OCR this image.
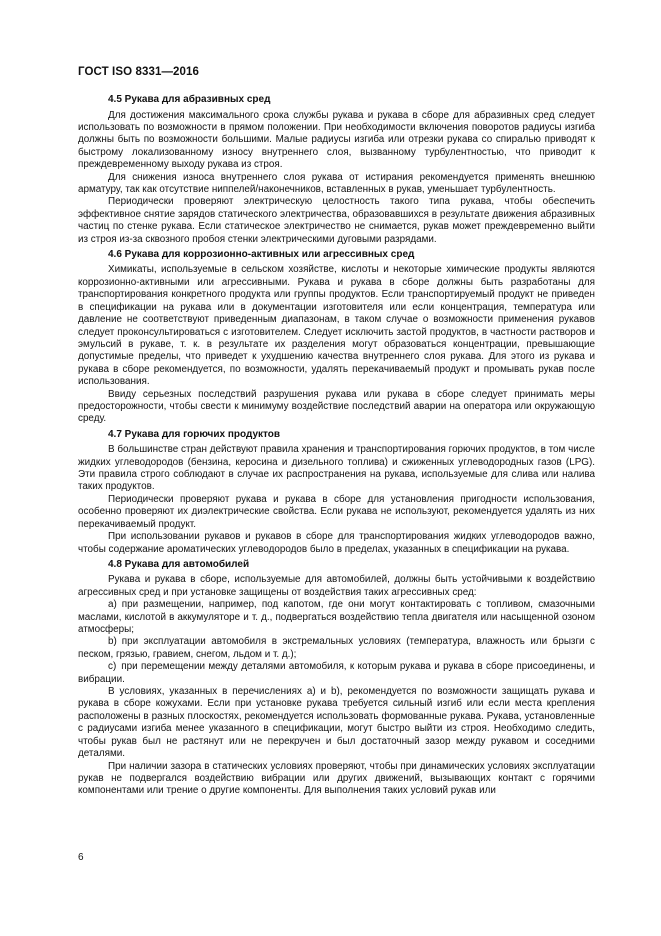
ГОСТ ISO 8331—2016
4.5 Рукава для абразивных сред

Для достижения максимального срока службы рукава и рукава в сборе для абразивных сред следует использовать по возможности в прямом положении. При необходимости включения поворотов радиусы изгиба должны быть по возможности большими. Малые радиусы изгиба или отрезки рукава со спиралью приводят к быстрому локализованному износу внутреннего слоя, вызванному турбулентностью, что приводит к преждевременному выходу рукава из строя.

Для снижения износа внутреннего слоя рукава от истирания рекомендуется применять внешнюю арматуру, так как отсутствие ниппелей/наконечников, вставленных в рукав, уменьшает турбулентность.

Периодически проверяют электрическую целостность такого типа рукава, чтобы обеспечить эффективное снятие зарядов статического электричества, образовавшихся в результате движения абразивных частиц по стенке рукава. Если статическое электричество не снимается, рукав может преждевременно выйти из строя из-за сквозного пробоя стенки электрическими дуговыми разрядами.

4.6 Рукава для коррозионно-активных или агрессивных сред

Химикаты, используемые в сельском хозяйстве, кислоты и некоторые химические продукты являются коррозионно-активными или агрессивными. Рукава и рукава в сборе должны быть разработаны для транспортирования конкретного продукта или группы продуктов. Если транспортируемый продукт не приведен в спецификации на рукава или в документации изготовителя или если концентрация, температура или давление не соответствуют приведенным диапазонам, в таком случае о возможности применения рукавов следует проконсультироваться с изготовителем. Следует исключить застой продуктов, в частности растворов и эмульсий в рукаве, т. к. в результате их разделения могут образоваться концентрации, превышающие допустимые пределы, что приведет к ухудшению качества внутреннего слоя рукава. Для этого из рукава и рукава в сборе рекомендуется, по возможности, удалять перекачиваемый продукт и промывать рукав после использования.

Ввиду серьезных последствий разрушения рукава или рукава в сборе следует принимать меры предосторожности, чтобы свести к минимуму воздействие последствий аварии на оператора или окружающую среду.

4.7 Рукава для горючих продуктов

В большинстве стран действуют правила хранения и транспортирования горючих продуктов, в том числе жидких углеводородов (бензина, керосина и дизельного топлива) и сжиженных углеводородных газов (LPG). Эти правила строго соблюдают в случае их распространения на рукава, используемые для слива или налива таких продуктов.

Периодически проверяют рукава и рукава в сборе для установления пригодности использования, особенно проверяют их диэлектрические свойства. Если рукава не используют, рекомендуется удалять из них перекачиваемый продукт.

При использовании рукавов и рукавов в сборе для транспортирования жидких углеводородов важно, чтобы содержание ароматических углеводородов было в пределах, указанных в спецификации на рукава.

4.8 Рукава для автомобилей

Рукава и рукава в сборе, используемые для автомобилей, должны быть устойчивыми к воздействию агрессивных сред и при установке защищены от воздействия таких агрессивных сред:

a) при размещении, например, под капотом, где они могут контактировать с топливом, смазочными маслами, кислотой в аккумуляторе и т. д., подвергаться воздействию тепла двигателя или насыщенной озоном атмосферы;

b) при эксплуатации автомобиля в экстремальных условиях (температура, влажность или брызги с песком, грязью, гравием, снегом, льдом и т. д.);

c) при перемещении между деталями автомобиля, к которым рукава и рукава в сборе присоединены, и вибрации.

В условиях, указанных в перечислениях a) и b), рекомендуется по возможности защищать рукава и рукава в сборе кожухами. Если при установке рукава требуется сильный изгиб или если места крепления расположены в разных плоскостях, рекомендуется использовать формованные рукава. Рукава, установленные с радиусами изгиба менее указанного в спецификации, могут быстро выйти из строя. Необходимо следить, чтобы рукав был не растянут или не перекручен и был достаточный зазор между рукавом и соседними деталями.

При наличии зазора в статических условиях проверяют, чтобы при динамических условиях эксплуатации рукав не подвергался воздействию вибрации или других движений, вызывающих контакт с горячими компонентами или трение о другие компоненты. Для выполнения таких условий рукав или

6
